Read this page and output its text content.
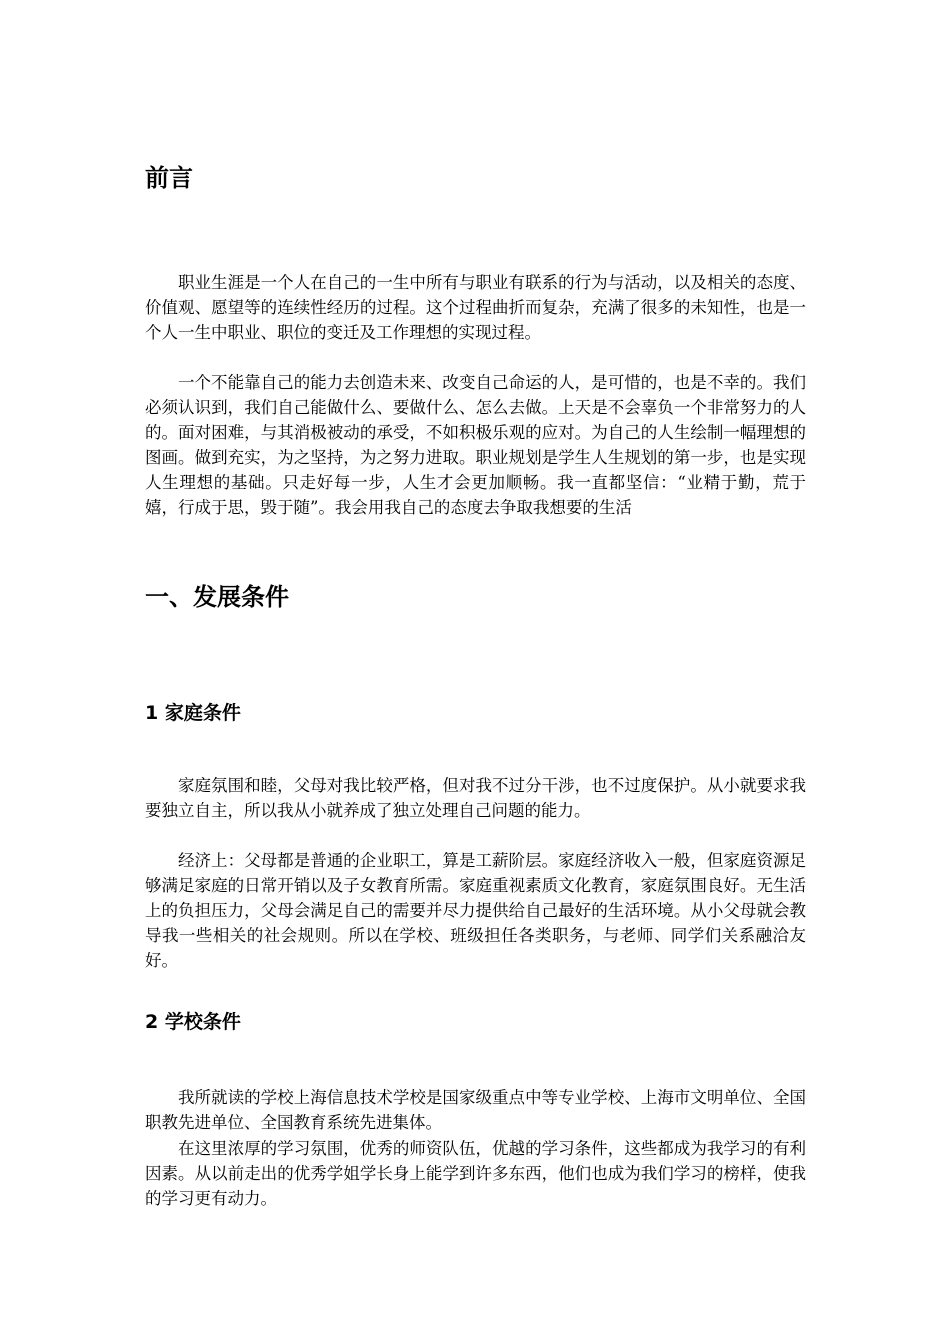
前言

职业生涯是一个人在自己的一生中所有与职业有联系的行为与活动，以及相关的态度、价值观、愿望等的连续性经历的过程。这个过程曲折而复杂，充满了很多的未知性，也是一个人一生中职业、职位的变迁及工作理想的实现过程。

一个不能靠自己的能力去创造未来、改变自己命运的人，是可惜的，也是不幸的。我们必须认识到，我们自己能做什么、要做什么、怎么去做。上天是不会辜负一个非常努力的人的。面对困难，与其消极被动的承受，不如积极乐观的应对。为自己的人生绘制一幅理想的图画。做到充实，为之坚持，为之努力进取。职业规划是学生人生规划的第一步，也是实现人生理想的基础。只走好每一步，人生才会更加顺畅。我一直都坚信：“业精于勤，荒于嬉，行成于思，毁于随”。我会用我自己的态度去争取我想要的生活

一、发展条件
1 家庭条件

家庭氛围和睦，父母对我比较严格，但对我不过分干涉，也不过度保护。从小就要求我要独立自主，所以我从小就养成了独立处理自己问题的能力。

经济上：父母都是普通的企业职工，算是工薪阶层。家庭经济收入一般，但家庭资源足够满足家庭的日常开销以及子女教育所需。家庭重视素质文化教育，家庭氛围良好。无生活上的负担压力，父母会满足自己的需要并尽力提供给自己最好的生活环境。从小父母就会教导我一些相关的社会规则。所以在学校、班级担任各类职务，与老师、同学们关系融洽友好。

2 学校条件

我所就读的学校上海信息技术学校是国家级重点中等专业学校、上海市文明单位、全国职教先进单位、全国教育系统先进集体。

在这里浓厚的学习氛围，优秀的师资队伍，优越的学习条件，这些都成为我学习的有利因素。从以前走出的优秀学姐学长身上能学到许多东西，他们也成为我们学习的榜样，使我的学习更有动力。
